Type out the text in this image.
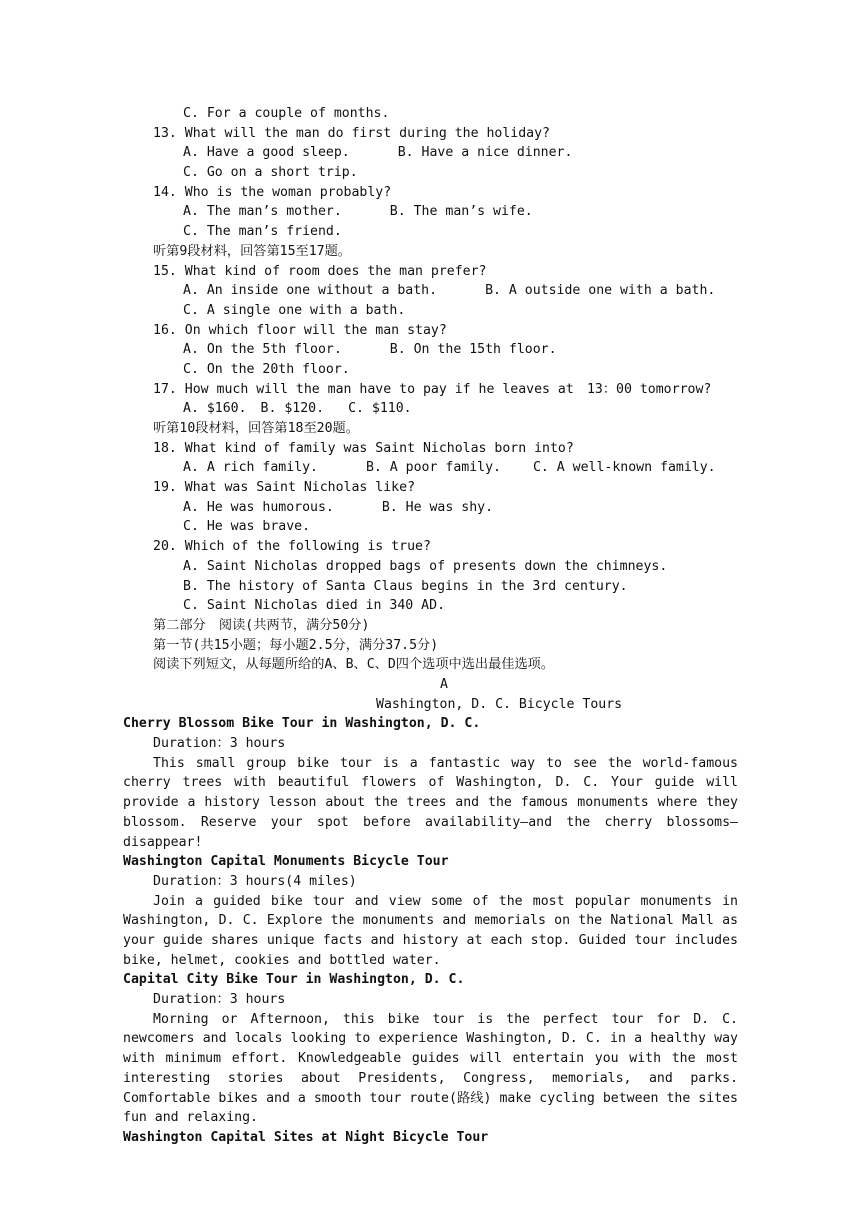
C. For a couple of months.
13. What will the man do first during the holiday?
A. Have a good sleep.	B. Have a nice dinner.
C. Go on a short trip.
14. Who is the woman probably?
A. The man’s mother.	B. The man’s wife.
C. The man’s friend.
听第9段材料，回答第15至17题。
15. What kind of room does the man prefer?
A. An inside one without a bath.	B. A outside one with a bath.
C. A single one with a bath.
16. On which floor will the man stay?
A. On the 5th floor.	B. On the 15th floor.
C. On the 20th floor.
17. How much will the man have to pay if he leaves at　13：00 tomorrow?
A. $160. B. $120. C. $110.
听第10段材料，回答第18至20题。
18. What kind of family was Saint Nicholas born into?
A. A rich family.	B. A poor family. C. A well-known family.
19. What was Saint Nicholas like?
A. He was humorous.	B. He was shy.
C. He was brave.
20. Which of the following is true?
A. Saint Nicholas dropped bags of presents down the chimneys.
B. The history of Santa Claus begins in the 3rd century.
C. Saint Nicholas died in 340 AD.
第二部分　阅读(共两节，满分50分)
第一节(共15小题；每小题2.5分，满分37.5分)
阅读下列短文，从每题所给的A、B、C、D四个选项中选出最佳选项。
A
Washington, D. C. Bicycle Tours
Cherry Blossom Bike Tour in Washington, D. C.
Duration：3 hours
This small group bike tour is a fantastic way to see the world-famous cherry trees with beautiful flowers of Washington, D. C. Your guide will provide a history lesson about the trees and the famous monuments where they blossom. Reserve your spot before availability—and the cherry blossoms—disappear!
Washington Capital Monuments Bicycle Tour
Duration：3 hours(4 miles)
Join a guided bike tour and view some of the most popular monuments in Washington, D. C. Explore the monuments and memorials on the National Mall as your guide shares unique facts and history at each stop. Guided tour includes bike, helmet, cookies and bottled water.
Capital City Bike Tour in Washington, D. C.
Duration：3 hours
Morning or Afternoon, this bike tour is the perfect tour for D. C. newcomers and locals looking to experience Washington, D. C. in a healthy way with minimum effort. Knowledgeable guides will entertain you with the most interesting stories about Presidents, Congress, memorials, and parks. Comfortable bikes and a smooth tour route(路线) make cycling between the sites fun and relaxing.
Washington Capital Sites at Night Bicycle Tour
